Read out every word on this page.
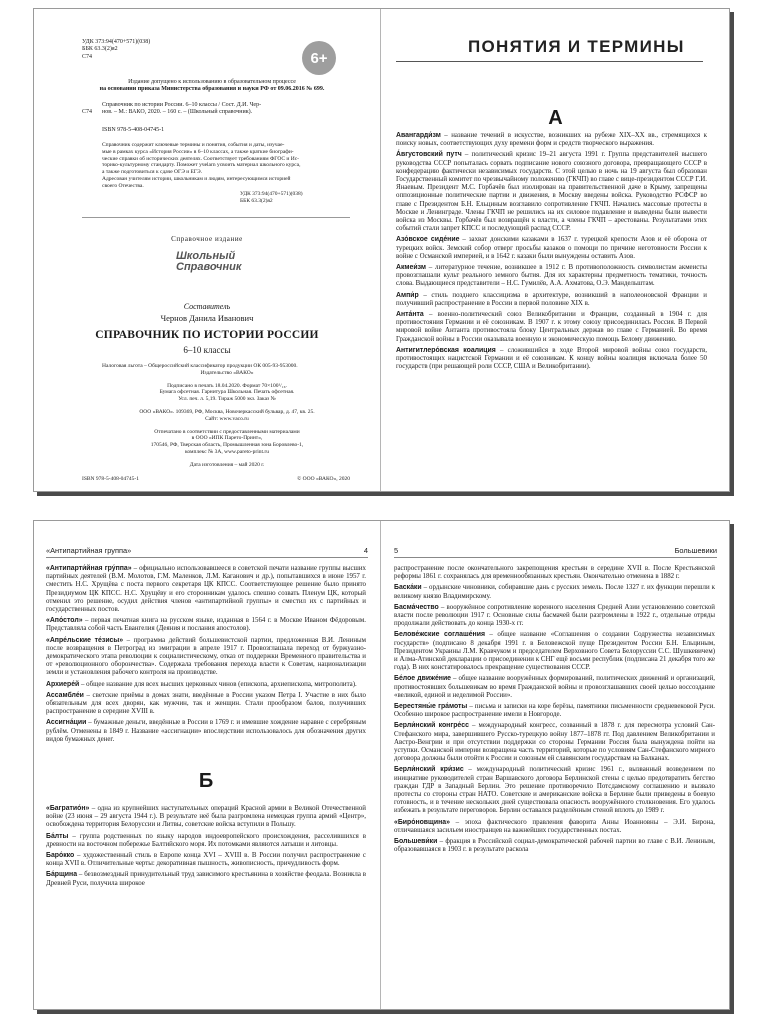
УДК 373:94(470+571)(038)

ББК 63.3(2)я2

С74	6+

Издание допущено к использованию в образовательном процессе

на основании приказа Министерства образования и науки РФ от 09.06.2016 № 699.

Справочник по истории России. 6–10 классы / Сост. Д.И. Чер-
С74	нов. – М.: ВАКО, 2020. – 160 с. – (Школьный справочник).

ISBN 978-5-408-04745-1

Справочник содержит ключевые термины и понятия, события и даты, изучае-

мые в рамках курса «История России» в 6–10 классах, а также краткие биографи-

ческие справки об исторических деятелях. Соответствует требованиям ФГОС и Ис-

торико-культурному стандарту. Поможет учеlarn усвоить материал школьного курса,

а также подготовиться к сдаче ОГЭ и ЕГЭ.

Адресован учителям истории, школьникам и людям, интересующимся историей

своего Отечества.

УДК 373:94(470+571)(038)

ББК 63.3(2)я2

Справочное издание

Школьный
Справочник

Составитель

Чернов Данила Иванович

СПРАВОЧНИК ПО ИСТОРИИ РОССИИ

6–10 классы

Налоговая льгота – Общероссийский классификатор продукции ОК 005-93-953000.

Издательство «ВАКО»

Подписано в печать 18.04.2020. Формат 70×100¹/₁₆.

Бумага офсетная. Гарнитура Школьная. Печать офсетная.

Усл. печ. л. 5,19. Тираж 5000 экз. Заказ №

ООО «ВАКО». 109369, РФ, Москва, Новочеркасский бульвар, д. 47, кв. 25.

Сайт: www.vaco.ru

Отпечатано в соответствии с предоставленными материалами

в ООО «ИПК Парето-Принт»,

170546, РФ, Тверская область, Промышленная зона Боровлево-1,

комплекс № 3А, www.pareto-print.ru

Дата изготовления – май 2020 г.

ISBN 978-5-408-04745-1	© ООО «ВАКО», 2020
ПОНЯТИЯ И ТЕРМИНЫ
А

Авангарди́зм – название течений в искусстве, возникших на рубеже XIX–XX вв., стремящихся к поиску новых, соответствующих духу времени форм и средств творческого выражения.

А́вгустовский путч – политический кризис 19–21 августа 1991 г. Группа представителей высшего руководства СССР попыталась сорвать подписание нового союзного договора, превращающего СССР в конфедерацию фактически независимых государств. С этой целью в ночь на 19 августа был образован Государственный комитет по чрезвычайному положению (ГКЧП) во главе с вице-президентом СССР Г.И. Янаевым. Президент М.С. Горбачёв был изолирован на правительственной даче в Крыму, запрещены оппозиционные политические партии и движения, в Москву введены войска. Руководство РСФСР во главе с Президентом Б.Н. Ельциным возглавило сопротивление ГКЧП. Начались массовые протесты в Москве и Ленинграде. Члены ГКЧП не решились на их силовое подавление и выведены были вывести войска из Москвы. Горбачёв был возвращён к власти, а члены ГКЧП – арестованы. Результатами этих событий стали запрет КПСС и последующий распад СССР.

Азо́вское сиде́ние – захват донскими казаками в 1637 г. турецкой крепости Азов и её оборона от турецких войск. Земский собор отверг просьбы казаков о помощи по причине неготовности России к войне с Османской империей, и в 1642 г. казаки были вынуждены оставить Азов.

Акмеи́зм – литературное течение, возникшее в 1912 г. В противоположность символистам акмеисты провозглашали культ реального земного бытия. Для их характерны предметность тематики, точность слова. Выдающиеся представители – Н.С. Гумилёв, А.А. Ахматова, О.Э. Мандельштам.

Ампи́р – стиль позднего классицизма в архитектуре, возникший в наполеоновской Франции и получивший распространение в России в первой половине XIX в.

Анта́нта – военно-политический союз Великобритании и Франции, созданный в 1904 г. для противостояния Германии и её союзникам. В 1907 г. к этому союзу присоединилась Россия. В Первой мировой войне Антанта противостояла блоку Центральных держав во главе с Германией. Во время Гражданской войны в России оказывала военную и экономическую помощь Белому движению.

Антигитлеро́вская коалиция – сложившийся в ходе Второй мировой войны союз государств, противостоящих нацистской Германии и её союзникам. К концу войны коалиция включала более 50 государств (при решающей роли СССР, США и Великобритании).

«Антипартийная группа»	4

«Антипарти́йная гру́ппа» – официально использовавшееся в советской печати название группы высших партийных деятелей (В.М. Молотов, Г.М. Маленков, Л.М. Каганович и др.), попытавшихся в июне 1957 г. сместить Н.С. Хрущёва с поста первого секретаря ЦК КПСС. Соответствующее решение было принято Президиумом ЦК КПСС. Н.С. Хрущёву и его сторонникам удалось спешно созвать Пленум ЦК, который отменил это решение, осудил действия членов «антипартийной группы» и сместил их с партийных и государственных постов.

«Апо́стол» – первая печатная книга на русском языке, изданная в 1564 г. в Москве Иваном Фёдоровым. Представляла собой часть Евангелия (Деяния и послания апостолов).

«Апре́льские те́зисы» – программа действий большевистской партии, предложенная В.И. Лениным после возвращения в Петроград из эмиграции в апреле 1917 г. Провозглашала переход от буржуазно-демократического этапа революции к социалистическому, отказ от поддержки Временного правительства и от «революционного оборончества». Содержала требования перехода власти к Советам, национализации земли и установления рабочего контроля на производстве.

Архиере́й – общее название для всех высших церковных чинов (епископа, архиепископа, митрополита).

Ассамбле́и – светские приёмы в домах знати, введённые в России указом Петра I. Участие в них было обязательным для всех дворян, как мужчин, так и женщин. Стали прообразом балов, получивших распространение в середине XVIII в.

Ассигна́ции – бумажные деньги, введённые в России в 1769 г. и имевшие хождение наравне с серебряным рублём. Отменены в 1849 г. Название «ассигнации» впоследствии использовалось для обозначения других видов бумажных денег.

Б

«Багратио́н» – одна из крупнейших наступательных операций Красной армии в Великой Отечественной войне (23 июня – 29 августа 1944 г.). В результате неё была разгромлена немецкая группа армий «Центр», освобождена территория Белоруссии и Литвы, советские войска вступили в Польшу.

Ба́лты – группа родственных по языку народов индоевропейского происхождения, расселившихся в древности на восточном побережье Балтийского моря. Их потомками являются латыши и литовцы.

Баро́кко – художественный стиль в Европе конца XVI – XVIII в. В России получил распространение с конца XVII в. Отличительные черты: декоративная пышность, живописность, причудливость форм.

Ба́рщина – безвозмездный принудительный труд зависимого крестьянина в хозяйстве феодала. Возникла в Древней Руси, получила широкое

5	Большевики

распространение после окончательного закрепощения крестьян в середине XVII в. После Крестьянской реформы 1861 г. сохранялась для временнообязанных крестьян. Окончательно отменена в 1882 г.

Баска́ки – ордынские чиновники, собиравшие дань с русских земель. После 1327 г. их функции перешли к великому князю Владимирскому.

Басма́чество – вооружённое сопротивление коренного населения Средней Азии установлению советской власти после революции 1917 г. Основные силы басмачей были разгромлены в 1922 г., отдельные отряды продолжали действовать до конца 1930-х гг.

Белове́жские соглаше́ния – общее название «Соглашения о создании Содружества независимых государств» (подписано 8 декабря 1991 г. в Беловежской пуще Президентом России Б.Н. Ельциным, Президентом Украины Л.М. Кравчуком и председателем Верховного Совета Белоруссии С.С. Шушкевичем) и Алма-Атинской декларации о присоединении к СНГ ещё восьми республик (подписана 21 декабря того же года). В них констатировалось прекращение существования СССР.

Бе́лое движе́ние – общее название вооружённых формирований, политических движений и организаций, противостоявших большевикам во время Гражданской войны и провозглашавших своей целью воссоздание «великой, единой и неделимой России».

Берестяны́е гра́моты – письма и записки на коре берёзы, памятники письменности средневековой Руси. Особенно широкое распространение имели в Новгороде.

Берли́нский конгре́сс – международный конгресс, созванный в 1878 г. для пересмотра условий Сан-Стефанского мира, завершившего Русско-турецкую войну 1877–1878 гг. Под давлением Великобритании и Австро-Венгрии и при отсутствии поддержки со стороны Германии Россия была вынуждена пойти на уступки. Османской империи возвращена часть территорий, которые по условиям Сан-Стефанского мирного договора должны были отойти к России и союзным ей славянским государствам на Балканах.

Берли́нский кри́зис – международный политический кризис 1961 г., вызванный возведением по инициативе руководителей стран Варшавского договора Берлинской стены с целью предотвратить бегство граждан ГДР в Западный Берлин. Это решение противоречило Потсдамскому соглашению и вызвало протесты со стороны стран НАТО. Советские и американские войска в Берлине были приведены в боевую готовность, и в течение нескольких дней существовала опасность вооружённого столкновения. Его удалось избежать в результате переговоров. Берлин оставался разделённым стеной вплоть до 1989 г.

«Биро́новщина» – эпоха фактического правления фаворита Анны Иоанновны – Э.И. Бирона, отличавшаяся засильем иностранцев на важнейших государственных постах.

Большеви́ки – фракция в Российской социал-демократической рабочей партии во главе с В.И. Лениным, образовавшаяся в 1903 г. в результате раскола
